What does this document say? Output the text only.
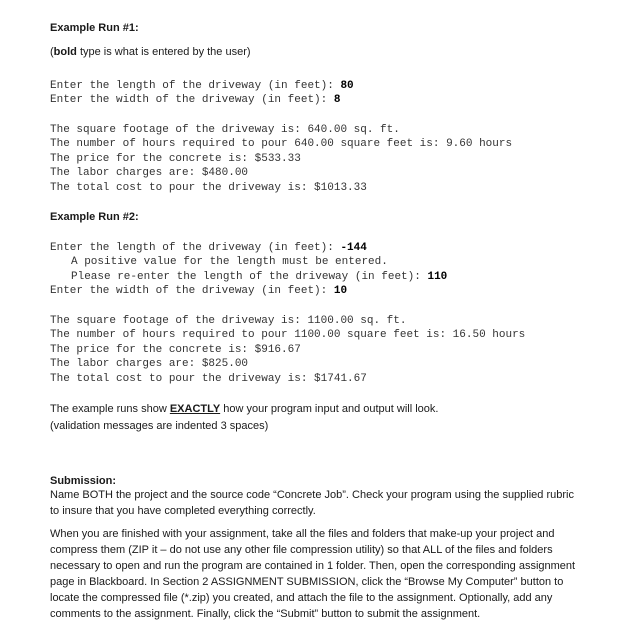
Example Run #1:
(bold type is what is entered by the user)
Enter the length of the driveway (in feet): 80
Enter the width of the driveway (in feet): 8
The square footage of the driveway is: 640.00 sq. ft.
The number of hours required to pour 640.00 square feet is: 9.60 hours
The price for the concrete is: $533.33
The labor charges are: $480.00
The total cost to pour the driveway is: $1013.33
Example Run #2:
Enter the length of the driveway (in feet): -144
A positive value for the length must be entered.
Please re-enter the length of the driveway (in feet): 110
Enter the width of the driveway (in feet): 10
The square footage of the driveway is: 1100.00 sq. ft.
The number of hours required to pour 1100.00 square feet is: 16.50 hours
The price for the concrete is: $916.67
The labor charges are: $825.00
The total cost to pour the driveway is: $1741.67
The example runs show EXACTLY how your program input and output will look.
(validation messages are indented 3 spaces)
Submission:
Name BOTH the project and the source code “Concrete Job”. Check your program using the supplied rubric to insure that you have completed everything correctly.
When you are finished with your assignment, take all the files and folders that make-up your project and compress them (ZIP it – do not use any other file compression utility) so that ALL of the files and folders necessary to open and run the program are contained in 1 folder. Then, open the corresponding assignment page in Blackboard. In Section 2 ASSIGNMENT SUBMISSION, click the “Browse My Computer” button to locate the compressed file (*.zip) you created, and attach the file to the assignment. Optionally, add any comments to the assignment. Finally, click the “Submit” button to submit the assignment.
